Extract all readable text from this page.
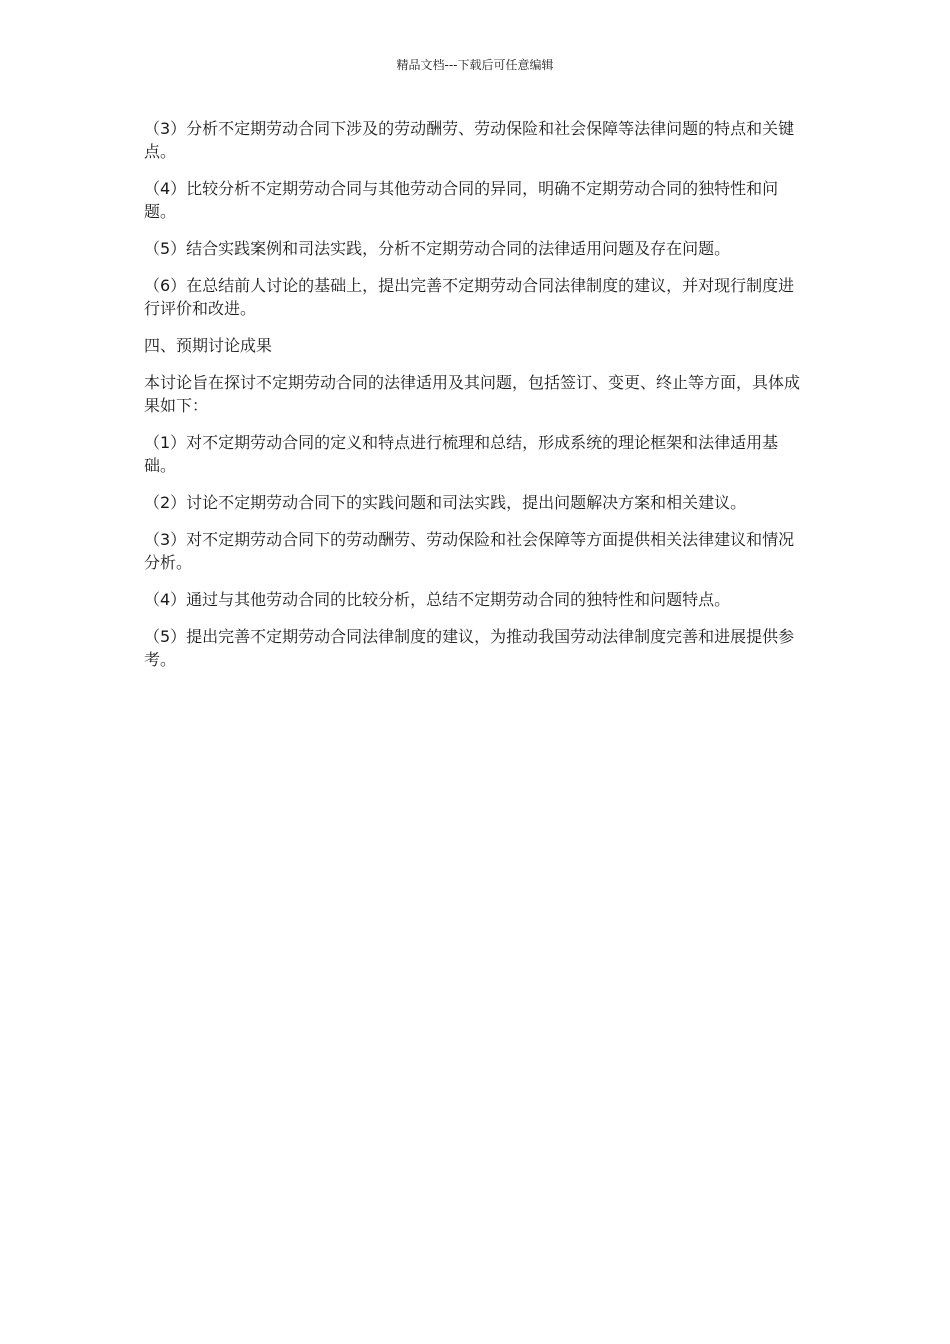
精品文档---下载后可任意编辑

（3）分析不定期劳动合同下涉及的劳动酬劳、劳动保险和社会保障等法律问题的特点和关键点。

（4）比较分析不定期劳动合同与其他劳动合同的异同，明确不定期劳动合同的独特性和问题。

（5）结合实践案例和司法实践，分析不定期劳动合同的法律适用问题及存在问题。

（6）在总结前人讨论的基础上，提出完善不定期劳动合同法律制度的建议，并对现行制度进行评价和改进。

四、预期讨论成果

本讨论旨在探讨不定期劳动合同的法律适用及其问题，包括签订、变更、终止等方面，具体成果如下：

（1）对不定期劳动合同的定义和特点进行梳理和总结，形成系统的理论框架和法律适用基础。

（2）讨论不定期劳动合同下的实践问题和司法实践，提出问题解决方案和相关建议。

（3）对不定期劳动合同下的劳动酬劳、劳动保险和社会保障等方面提供相关法律建议和情况分析。

（4）通过与其他劳动合同的比较分析，总结不定期劳动合同的独特性和问题特点。

（5）提出完善不定期劳动合同法律制度的建议，为推动我国劳动法律制度完善和进展提供参考。
